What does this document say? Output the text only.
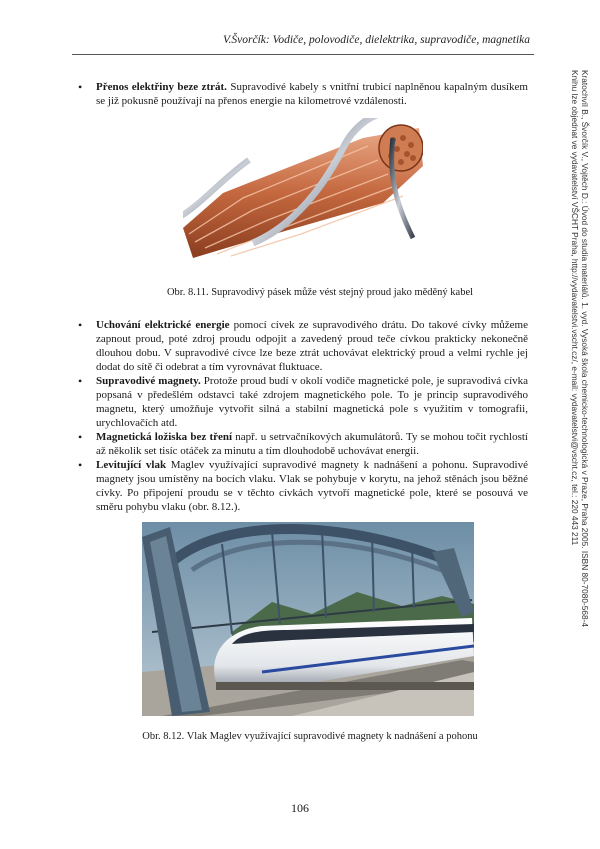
V.Švorčík: Vodiče, polovodiče, dielektrika, supravodiče, magnetika
Kratochvíl B., Švorčík V., Vojtěch D.: Úvod do studia materiálů. 1. vyd. Vysoká škola chemicko-technologická v Praze, Praha 2005. ISBN 80-7080-568-4
Knihu lze objednat ve vydavatelství VŠCHT Praha, http://vydavatelstvi.vscht.cz/, e-mail: vydavatelstvi@vscht.cz, tel.: 220 443 211
• Přenos elektřiny beze ztrát. Supravodivé kabely s vnitřní trubicí naplněnou kapalným dusíkem se již pokusně používají na přenos energie na kilometrové vzdálenosti.
Obr. 8.11. Supravodivý pásek může vést stejný proud jako měděný kabel
• Uchování elektrické energie pomocí cívek ze supravodivého drátu. Do takové cívky můžeme zapnout proud, poté zdroj proudu odpojit a zavedený proud teče cívkou prakticky nekonečně dlouhou dobu. V supravodivé cívce lze beze ztrát uchovávat elektrický proud a velmi rychle jej dodat do sítě či odebrat a tím vyrovnávat fluktuace.
• Supravodivé magnety. Protože proud budí v okolí vodiče magnetické pole, je supravodivá cívka popsaná v předešlém odstavci také zdrojem magnetického pole. To je princip supravodivého magnetu, který umožňuje vytvořit silná a stabilní magnetická pole s využitím v tomografii, urychlovačích atd.
• Magnetická ložiska bez tření např. u setrvačníkových akumulátorů. Ty se mohou točit rychlostí až několik set tisíc otáček za minutu a tím dlouhodobě uchovávat energii.
• Levitující vlak Maglev využívající supravodivé magnety k nadnášení a pohonu. Supravodivé magnety jsou umístěny na bocích vlaku. Vlak se pohybuje v korytu, na jehož stěnách jsou běžné cívky. Po připojení proudu se v těchto cívkách vytvoří magnetické pole, které se posouvá ve směru pohybu vlaku (obr. 8.12.).
Obr. 8.12. Vlak Maglev využívající supravodivé magnety k nadnášení a pohonu
106
